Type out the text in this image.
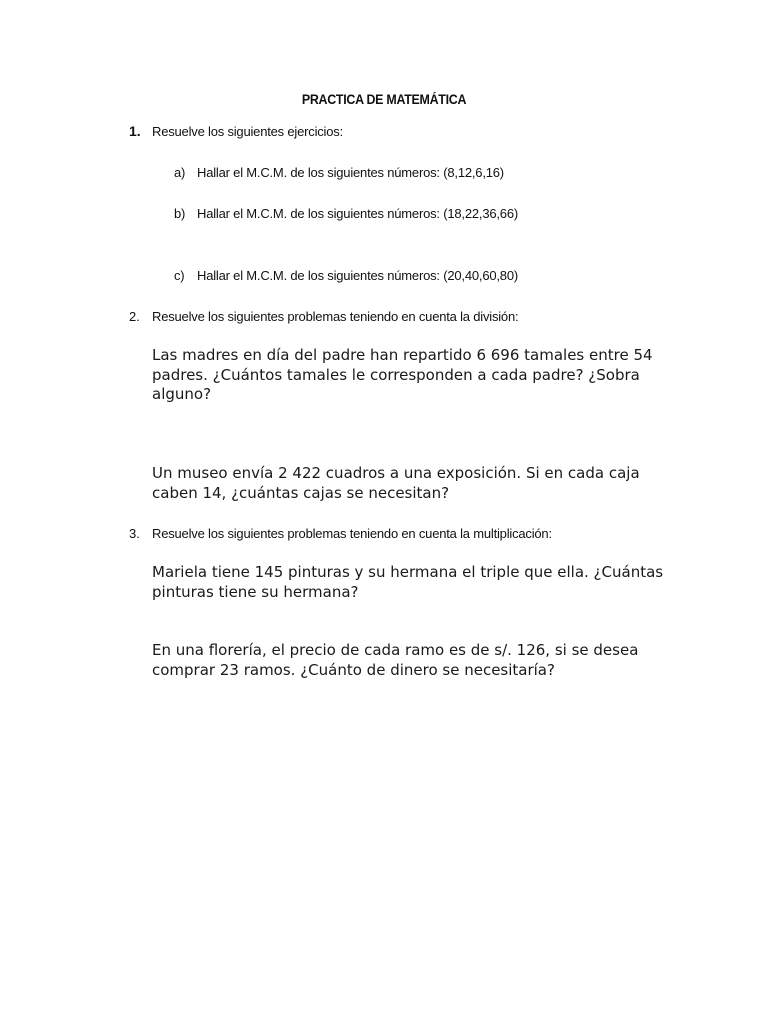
PRACTICA DE MATEMÁTICA
1. Resuelve los siguientes ejercicios:
a) Hallar el M.C.M. de los siguientes números: (8,12,6,16)
b) Hallar el M.C.M. de los siguientes números: (18,22,36,66)
c) Hallar el M.C.M. de los siguientes números: (20,40,60,80)
2. Resuelve los siguientes problemas teniendo en cuenta la división:
Las madres en día del padre han repartido 6 696 tamales entre 54 padres. ¿Cuántos tamales le corresponden a cada padre? ¿Sobra alguno?
Un museo envía 2 422 cuadros a una exposición. Si en cada caja caben 14, ¿cuántas cajas se necesitan?
3. Resuelve los siguientes problemas teniendo en cuenta la multiplicación:
Mariela tiene 145 pinturas y su hermana el triple que ella. ¿Cuántas pinturas tiene su hermana?
En una florería, el precio de cada ramo es de s/. 126, si se desea comprar 23 ramos. ¿Cuánto de dinero se necesitaría?
